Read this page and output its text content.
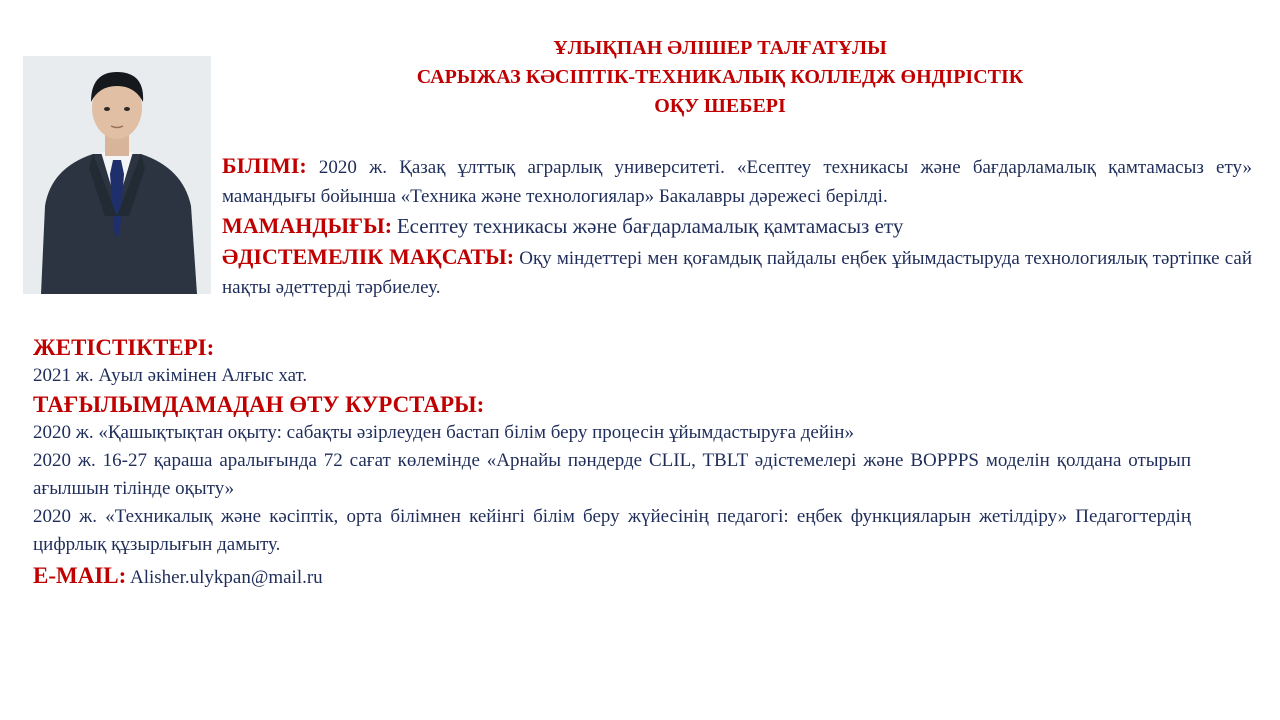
ҰЛЫҚПАН ӘЛІШЕР ТАЛҒАТҰЛЫ
САРЫЖАЗ КӘСІПТІК-ТЕХНИКАЛЫҚ КОЛЛЕДЖ ӨНДІРІСТІК
ОҚУ ШЕБЕРІ

БІЛІМІ: 2020 ж. Қазақ ұлттық аграрлық университеті. «Есептеу техникасы және бағдарламалық қамтамасыз ету» мамандығы бойынша «Техника және технологиялар» Бакалавры дәрежесі берілді.

МАМАНДЫҒЫ: Есептеу техникасы және бағдарламалық қамтамасыз ету

ӘДІСТЕМЕЛІК МАҚСАТЫ: Оқу міндеттері мен қоғамдық пайдалы еңбек ұйымдастыруда технологиялық тәртіпке сай нақты әдеттерді тәрбиелеу.

ЖЕТІСТІКТЕРІ:

2021 ж. Ауыл әкімінен Алғыс хат.

ТАҒЫЛЫМДАМАДАН ӨТУ КУРСТАРЫ:

2020 ж. «Қашықтықтан оқыту: сабақты әзірлеуден бастап білім беру процесін ұйымдастыруға дейін»

2020 ж. 16-27 қараша аралығында 72 сағат көлемінде «Арнайы пәндерде CLIL, TBLT әдістемелері және BOPPPS моделін қолдана отырып ағылшын тілінде оқыту»

2020 ж. «Техникалық және кәсіптік, орта білімнен кейінгі білім беру жүйесінің педагогі: еңбек функцияларын жетілдіру» Педагогтердің цифрлық құзырлығын дамыту.

E-MAIL: Alisher.ulykpan@mail.ru
